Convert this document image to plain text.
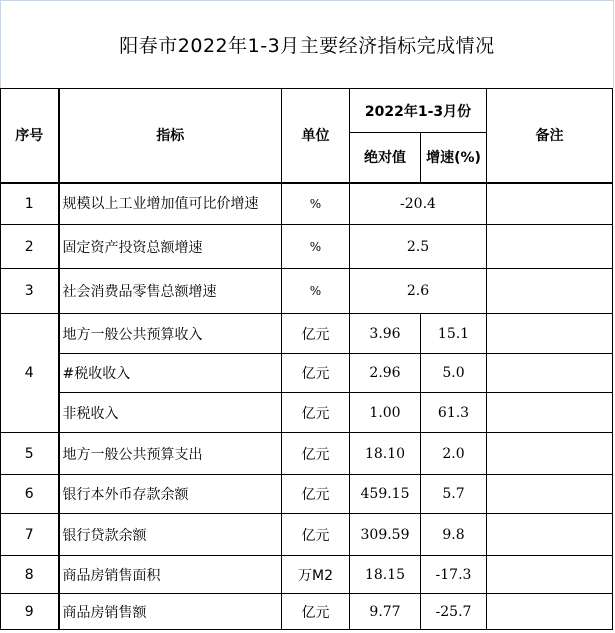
阳春市2022年1-3月主要经济指标完成情况
序号	指标	单位	2022年1-3月份		备注
			绝对值	增速(%)	
1	规模以上工业增加值可比价增速	%	-20.4		
2	固定资产投资总额增速	%	2.5		
3	社会消费品零售总额增速	%	2.6		
4	地方一般公共预算收入	亿元	3.96	15.1	
	#税收收入	亿元	2.96	5.0	
	非税收入	亿元	1.00	61.3	
5	地方一般公共预算支出	亿元	18.10	2.0	
6	银行本外币存款余额	亿元	459.15	5.7	
7	银行贷款余额	亿元	309.59	9.8	
8	商品房销售面积	万M2	18.15	-17.3	
9	商品房销售额	亿元	9.77	-25.7	
